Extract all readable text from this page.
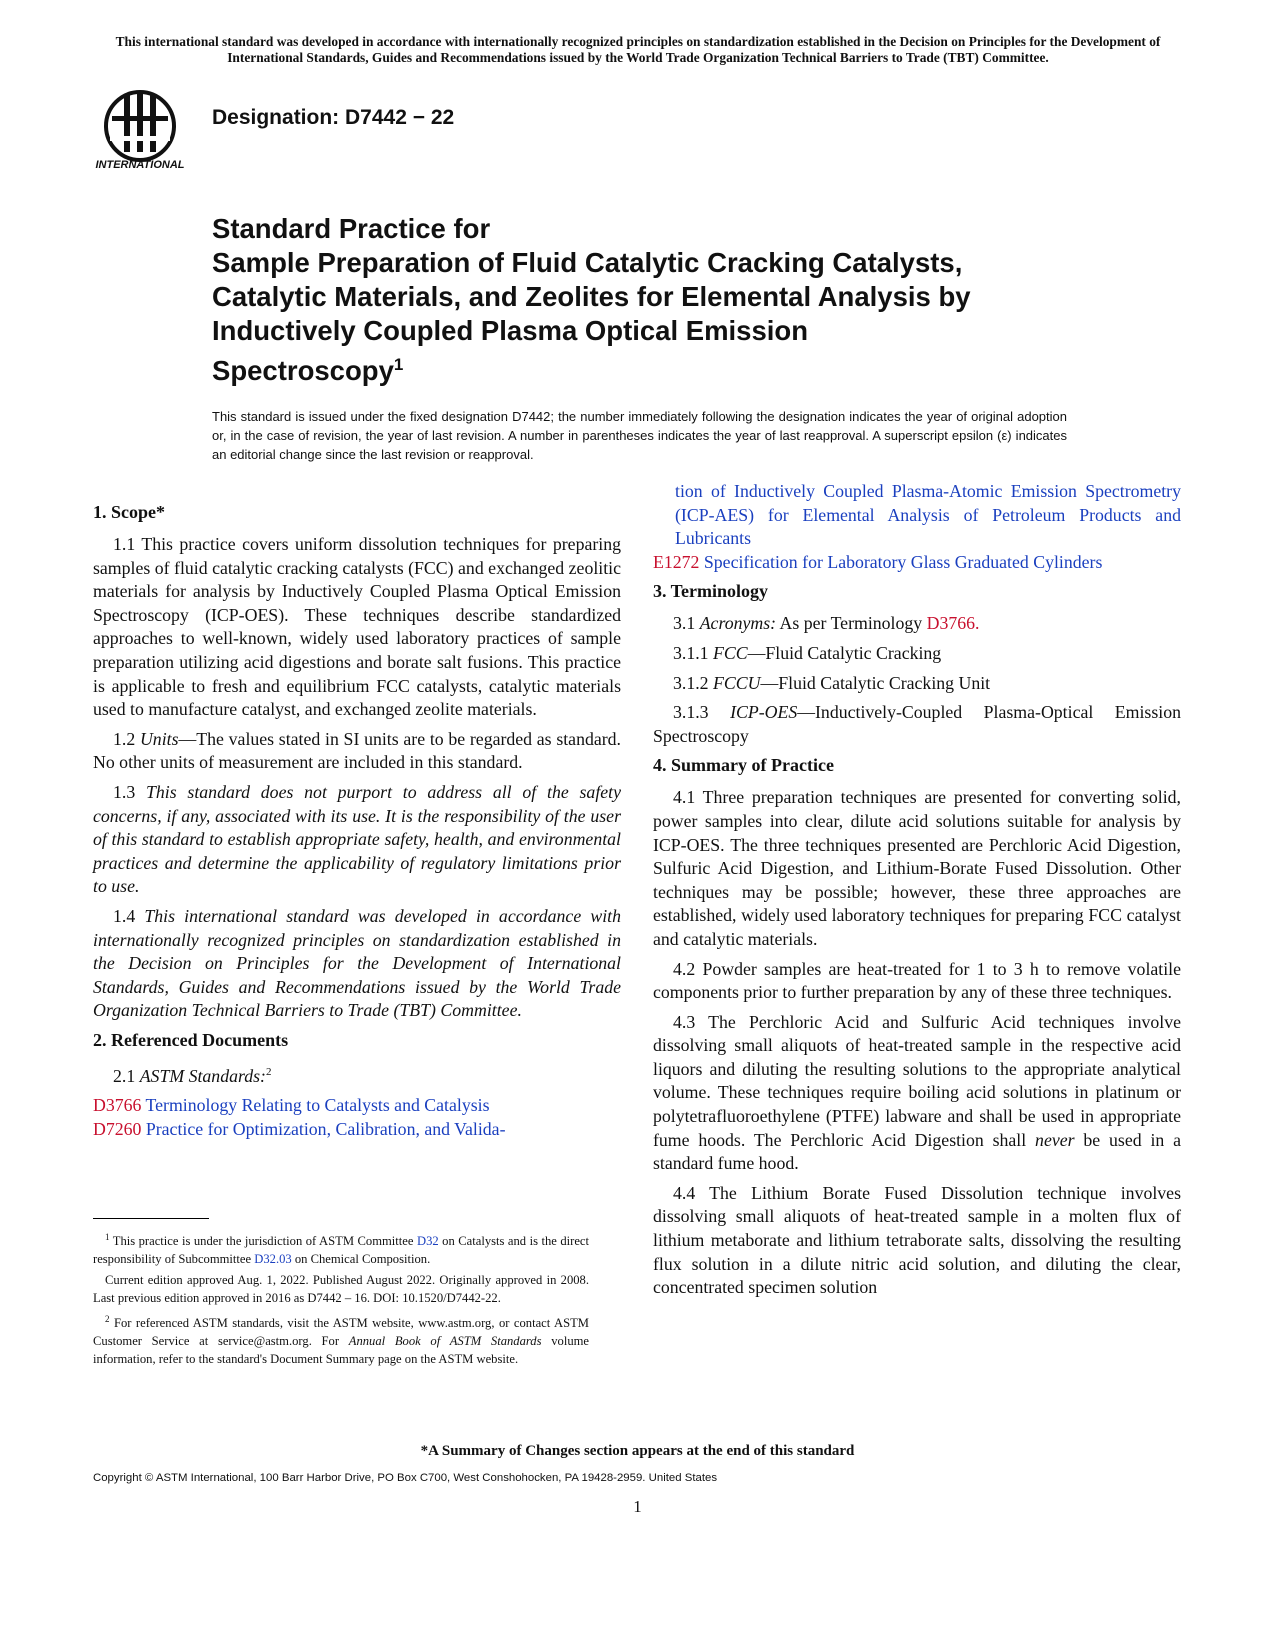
This international standard was developed in accordance with internationally recognized principles on standardization established in the Decision on Principles for the Development of International Standards, Guides and Recommendations issued by the World Trade Organization Technical Barriers to Trade (TBT) Committee.
INTERNATIONAL
Designation: D7442 − 22
Standard Practice for
Sample Preparation of Fluid Catalytic Cracking Catalysts,
Catalytic Materials, and Zeolites for Elemental Analysis by
Inductively Coupled Plasma Optical Emission
Spectroscopy$^1$
This standard is issued under the fixed designation D7442; the number immediately following the designation indicates the year of original adoption or, in the case of revision, the year of last revision. A number in parentheses indicates the year of last reapproval. A superscript epsilon (ε) indicates an editorial change since the last revision or reapproval.
1. Scope*

1.1 This practice covers uniform dissolution techniques for preparing samples of fluid catalytic cracking catalysts (FCC) and exchanged zeolitic materials for analysis by Inductively Coupled Plasma Optical Emission Spectroscopy (ICP-OES). These techniques describe standardized approaches to well-known, widely used laboratory practices of sample preparation utilizing acid digestions and borate salt fusions. This practice is applicable to fresh and equilibrium FCC catalysts, catalytic materials used to manufacture catalyst, and exchanged zeolite materials.

1.2 Units—The values stated in SI units are to be regarded as standard. No other units of measurement are included in this standard.

1.3 This standard does not purport to address all of the safety concerns, if any, associated with its use. It is the responsibility of the user of this standard to establish appropriate safety, health, and environmental practices and determine the applicability of regulatory limitations prior to use.

1.4 This international standard was developed in accordance with internationally recognized principles on standardization established in the Decision on Principles for the Development of International Standards, Guides and Recommendations issued by the World Trade Organization Technical Barriers to Trade (TBT) Committee.

2. Referenced Documents

2.1 ASTM Standards:$^2$

D3766 Terminology Relating to Catalysts and Catalysis

D7260 Practice for Optimization, Calibration, and Valida-

tion of Inductively Coupled Plasma-Atomic Emission Spectrometry (ICP-AES) for Elemental Analysis of Petroleum Products and Lubricants

E1272 Specification for Laboratory Glass Graduated Cylinders

3. Terminology

3.1 Acronyms: As per Terminology D3766.

3.1.1 FCC—Fluid Catalytic Cracking

3.1.2 FCCU—Fluid Catalytic Cracking Unit

3.1.3 ICP-OES—Inductively-Coupled Plasma-Optical Emission Spectroscopy

4. Summary of Practice

4.1 Three preparation techniques are presented for converting solid, power samples into clear, dilute acid solutions suitable for analysis by ICP-OES. The three techniques presented are Perchloric Acid Digestion, Sulfuric Acid Digestion, and Lithium-Borate Fused Dissolution. Other techniques may be possible; however, these three approaches are established, widely used laboratory techniques for preparing FCC catalyst and catalytic materials.

4.2 Powder samples are heat-treated for 1 to 3 h to remove volatile components prior to further preparation by any of these three techniques.

4.3 The Perchloric Acid and Sulfuric Acid techniques involve dissolving small aliquots of heat-treated sample in the respective acid liquors and diluting the resulting solutions to the appropriate analytical volume. These techniques require boiling acid solutions in platinum or polytetrafluoroethylene (PTFE) labware and shall be used in appropriate fume hoods. The Perchloric Acid Digestion shall never be used in a standard fume hood.

4.4 The Lithium Borate Fused Dissolution technique involves dissolving small aliquots of heat-treated sample in a molten flux of lithium metaborate and lithium tetraborate salts, dissolving the resulting flux solution in a dilute nitric acid solution, and diluting the clear, concentrated specimen solution

$^1$ This practice is under the jurisdiction of ASTM Committee D32 on Catalysts and is the direct responsibility of Subcommittee D32.03 on Chemical Composition.

Current edition approved Aug. 1, 2022. Published August 2022. Originally approved in 2008. Last previous edition approved in 2016 as D7442 – 16. DOI: 10.1520/D7442-22.

$^2$ For referenced ASTM standards, visit the ASTM website, www.astm.org, or contact ASTM Customer Service at service@astm.org. For Annual Book of ASTM Standards volume information, refer to the standard's Document Summary page on the ASTM website.

*A Summary of Changes section appears at the end of this standard
Copyright © ASTM International, 100 Barr Harbor Drive, PO Box C700, West Conshohocken, PA 19428-2959. United States
1
